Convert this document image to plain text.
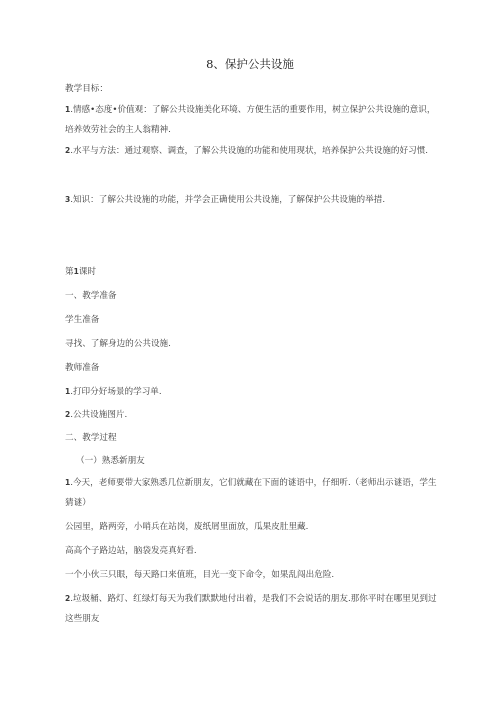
8、保护公共设施
教学目标：
1.情感•态度•价值观：了解公共设施美化环境、方便生活的重要作用，树立保护公共设施的意识，培养效劳社会的主人翁精神.
2.水平与方法：通过观察、调查，了解公共设施的功能和使用现状，培养保护公共设施的好习惯.
3.知识：了解公共设施的功能，并学会正确使用公共设施，了解保护公共设施的举措.
第1课时
一、教学准备
学生准备
寻找、了解身边的公共设施.
教师准备
1.打印分好场景的学习单.
2.公共设施图片.
二、教学过程
（一）熟悉新朋友
1.今天，老师要带大家熟悉几位新朋友，它们就藏在下面的谜语中，仔细听.（老师出示谜语，学生猜谜）
公园里，路两旁，小哨兵在站岗，废纸屑里面放，瓜果皮肚里藏.
高高个子路边站，脑袋发亮真好看.
一个小伙三只眼，每天路口来值班，目光一变下命令，如果乱闯出危险.
2.垃圾桶、路灯、红绿灯每天为我们默默地付出着，是我们不会说话的朋友.那你平时在哪里见到过这些朋友
